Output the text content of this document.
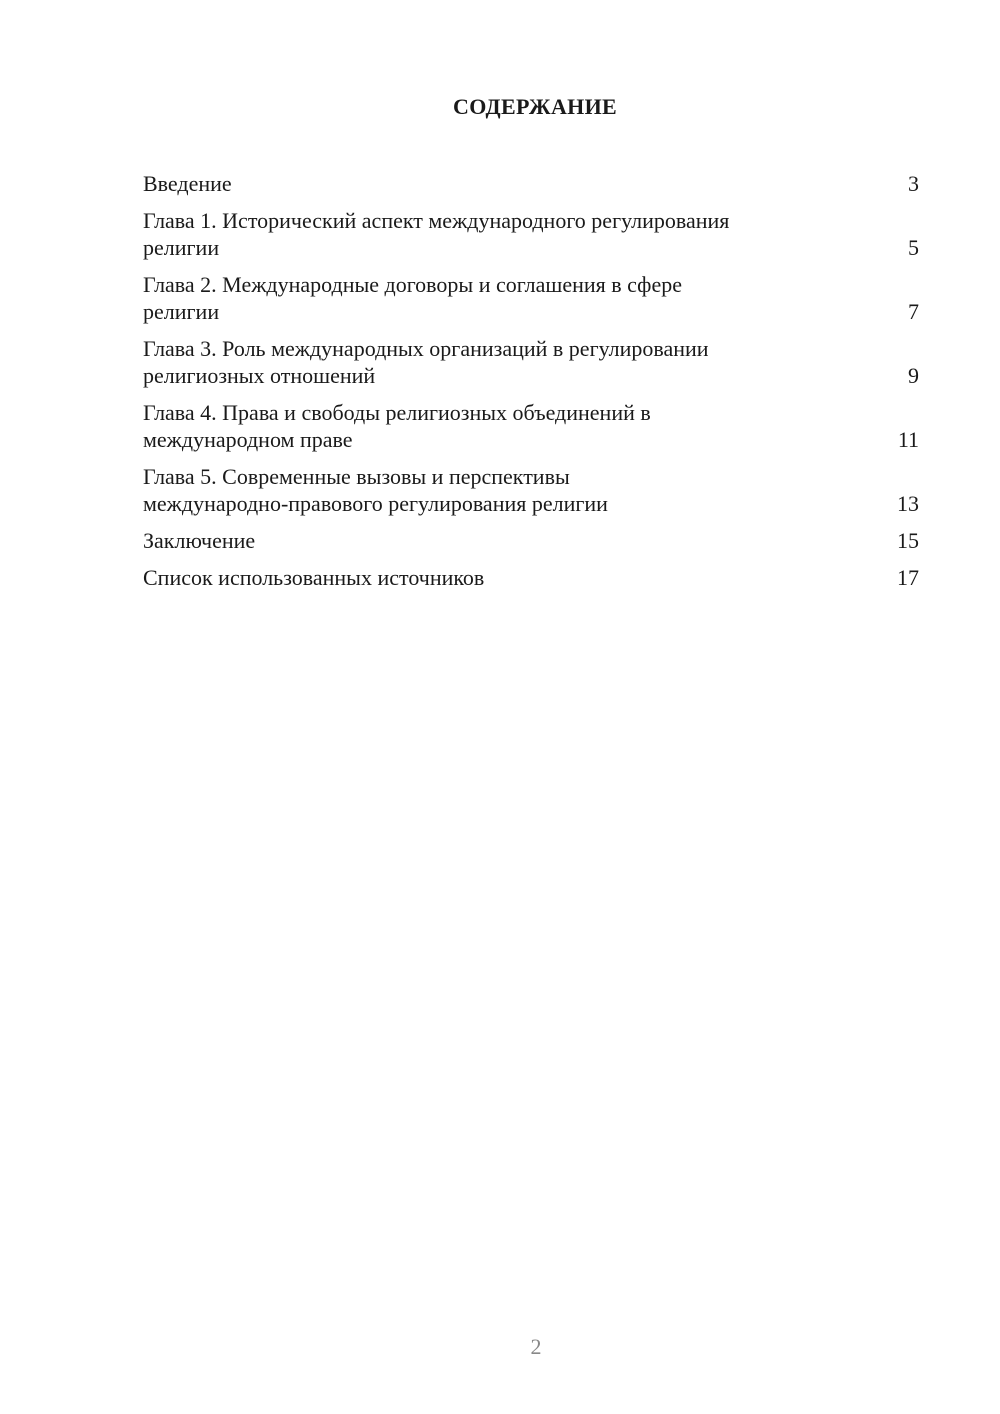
СОДЕРЖАНИЕ
Введение	3
Глава 1. Исторический аспект международного регулирования
религии	5
Глава 2. Международные договоры и соглашения в сфере
религии	7
Глава 3. Роль международных организаций в регулировании
религиозных отношений	9
Глава 4. Права и свободы религиозных объединений в
международном праве	11
Глава 5. Современные вызовы и перспективы
международно-правового регулирования религии	13
Заключение	15
Список использованных источников	17
2
